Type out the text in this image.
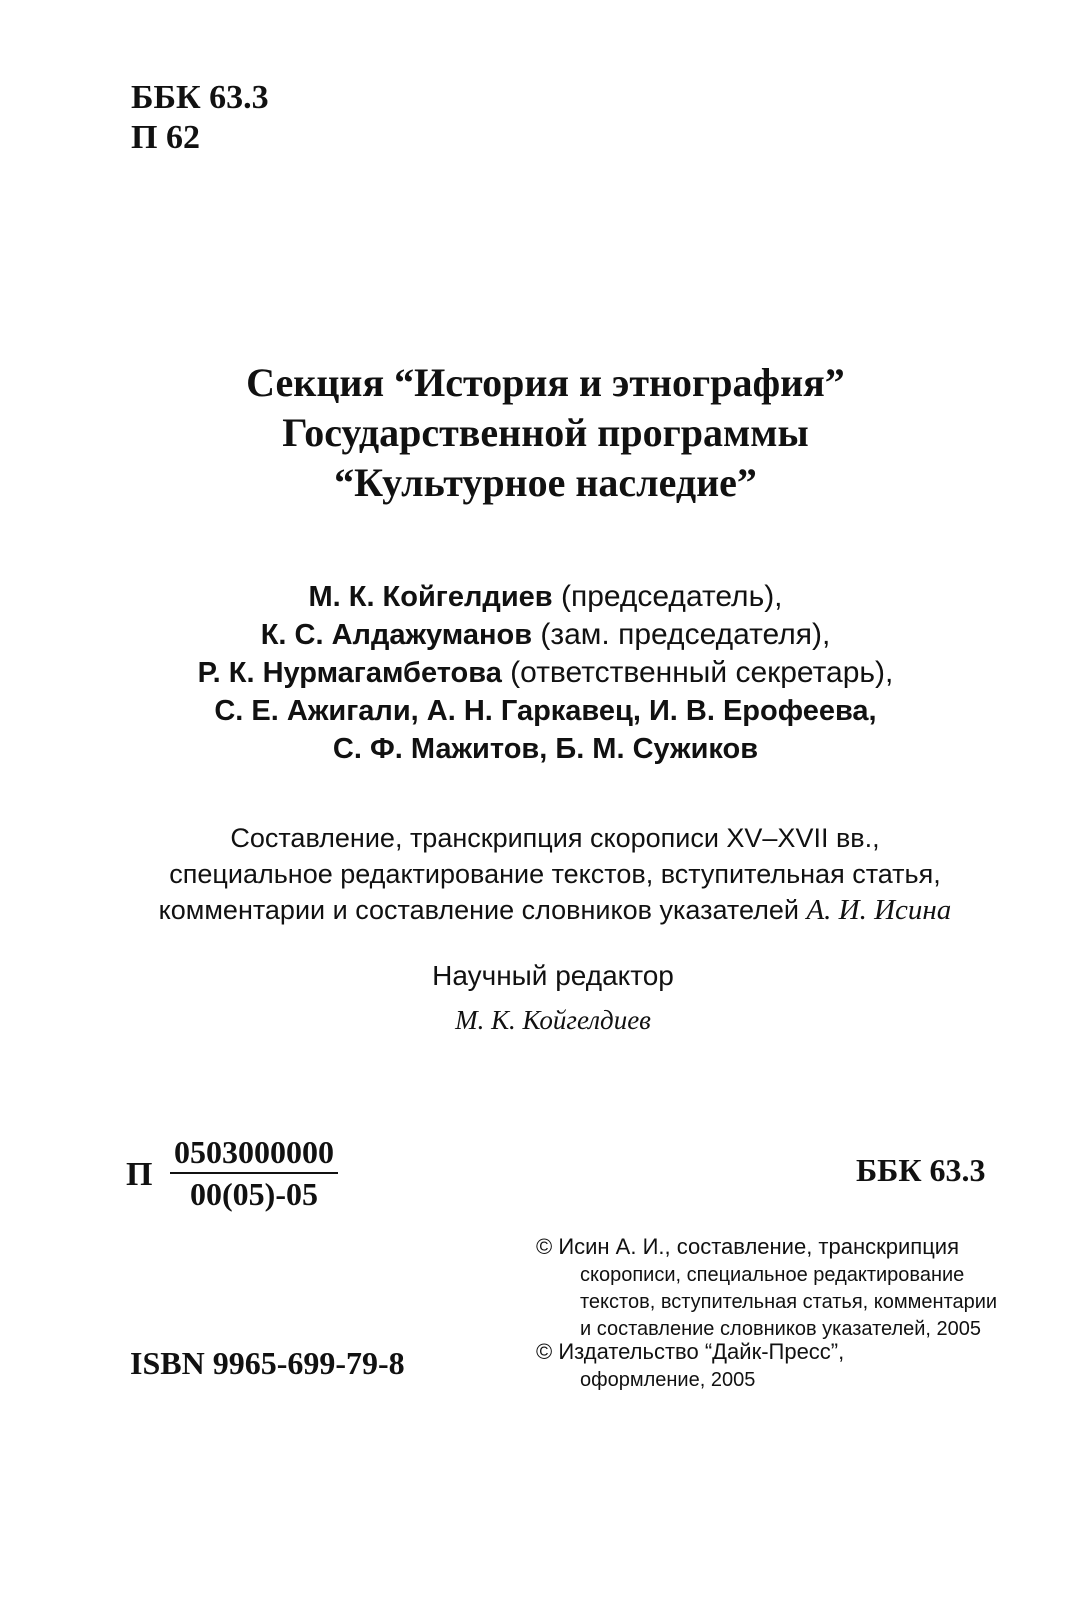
ББК 63.3
П 62
Секция “История и этнография”
Государственной программы
“Культурное наследие”
М. К. Койгелдиев (председатель),
К. С. Алдажуманов (зам. председателя),
Р. К. Нурмагамбетова (ответственный секретарь),
С. Е. Ажигали, А. Н. Гаркавец, И. В. Ерофеева,
С. Ф. Мажитов, Б. М. Сужиков
Составление, транскрипция скорописи XV–XVII вв.,
специальное редактирование текстов, вступительная статья,
комментарии и составление словников указателей А. И. Исина
Научный редактор
М. К. Койгелдиев
П
0503000000
00(05)-05
ББК 63.3
ISBN 9965-699-79-8
© Исин А. И., составление, транскрипция
скорописи, специальное редактирование
текстов, вступительная статья, комментарии
и составление словников указателей, 2005
© Издательство “Дайк-Пресс”,

оформление, 2005
